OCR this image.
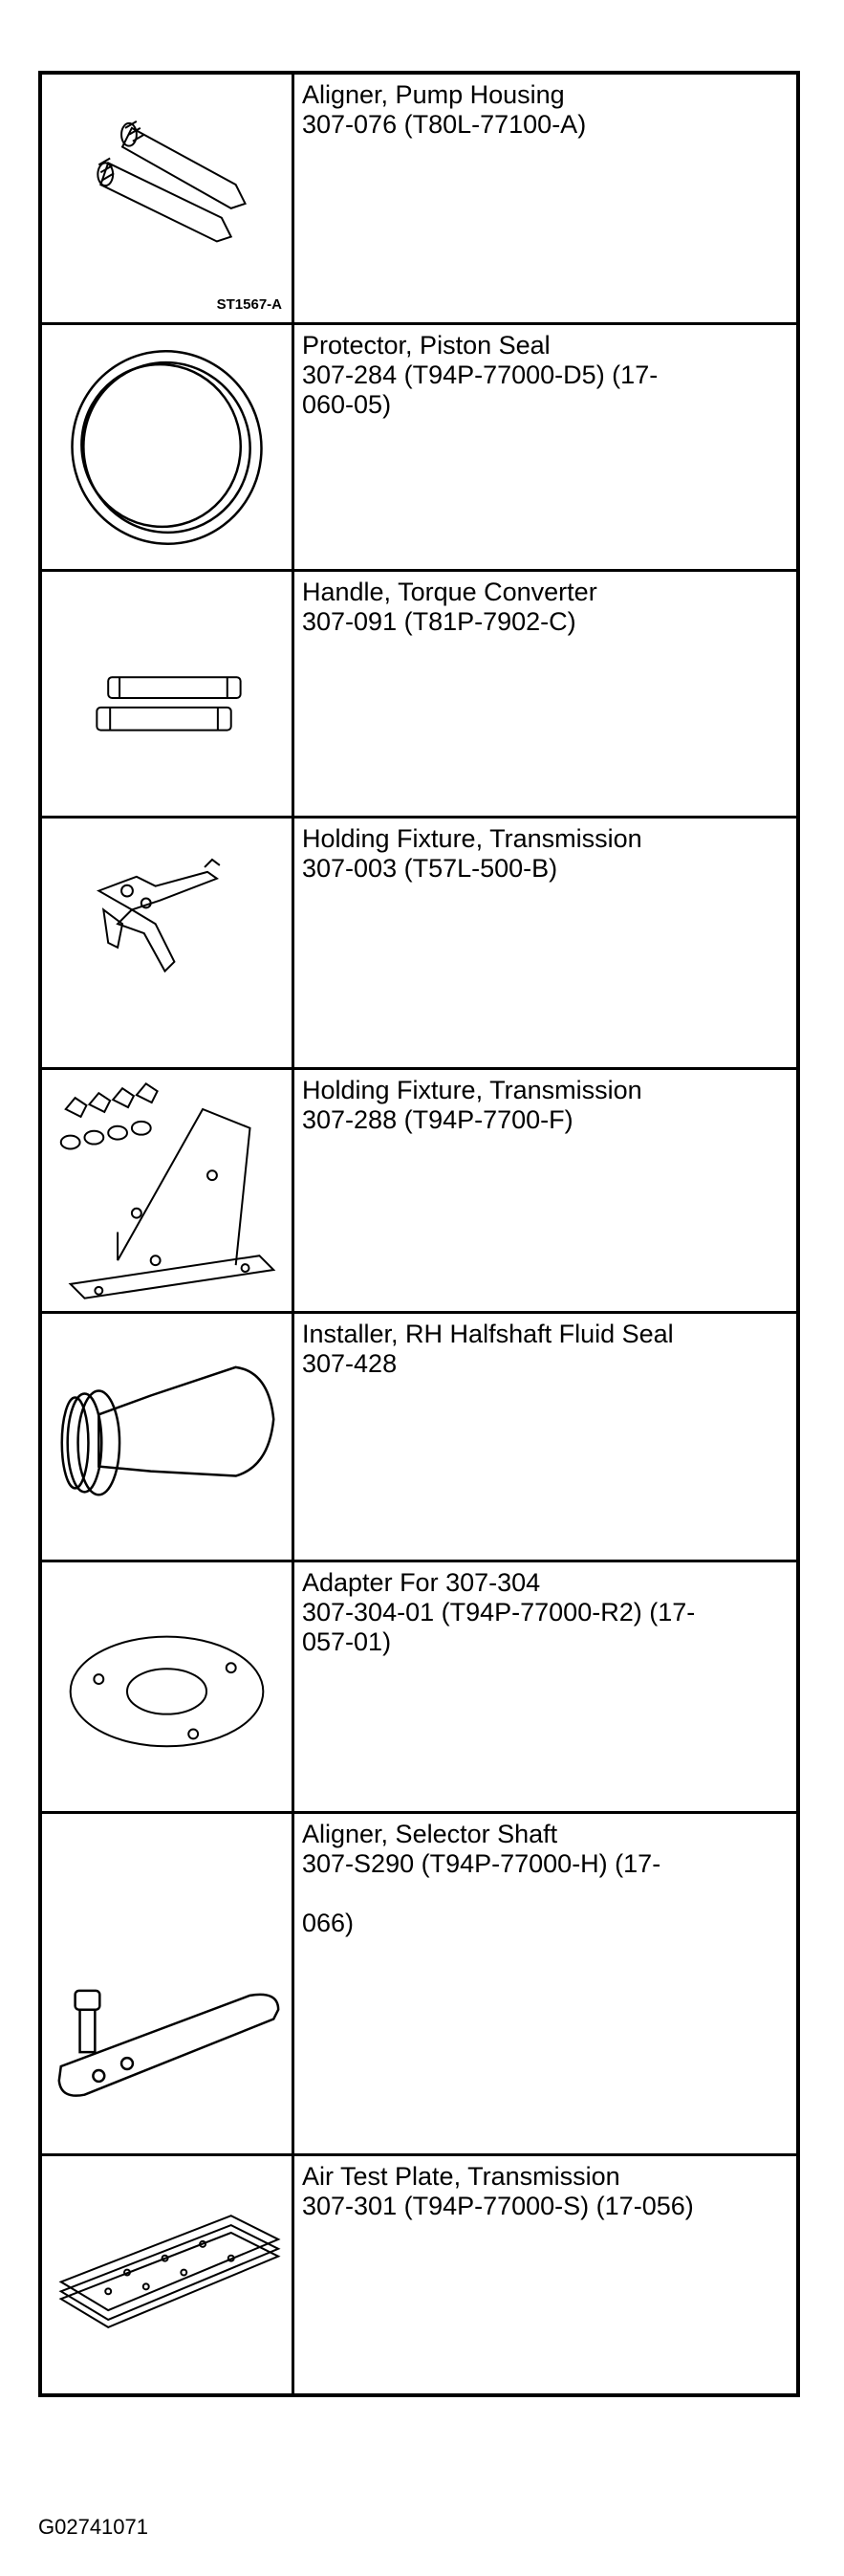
ST1567-A
Aligner, Pump Housing
307-076 (T80L-77100-A)
Protector, Piston Seal
307-284 (T94P-77000-D5) (17-
060-05)
Handle, Torque Converter
307-091 (T81P-7902-C)
Holding Fixture, Transmission
307-003 (T57L-500-B)
Holding Fixture, Transmission
307-288 (T94P-7700-F)
Installer, RH Halfshaft Fluid Seal
307-428
Adapter For 307-304
307-304-01 (T94P-77000-R2) (17-
057-01)
Aligner, Selector Shaft
307-S290 (T94P-77000-H) (17-
066)
Air Test Plate, Transmission
307-301 (T94P-77000-S) (17-056)
G02741071
